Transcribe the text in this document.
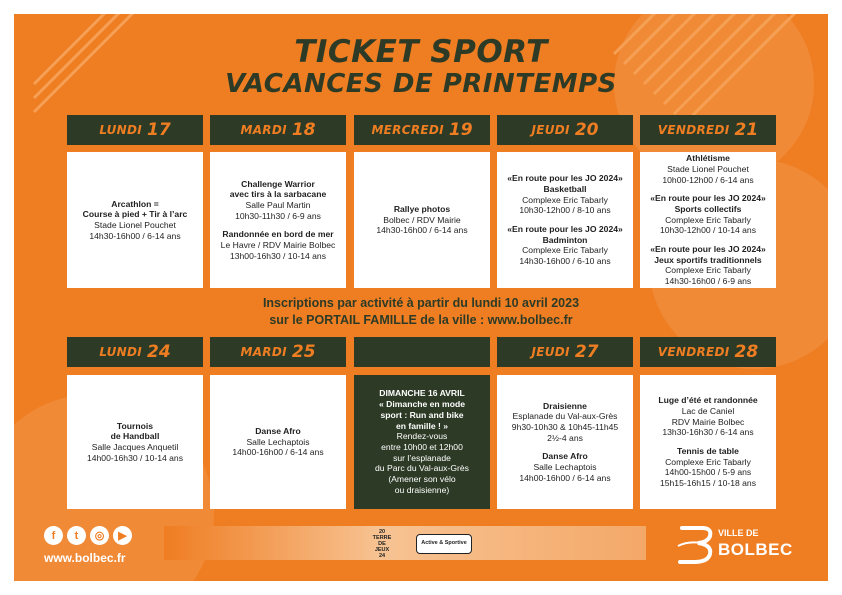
TICKET SPORT
VACANCES DE PRINTEMPS
LUNDI 17	MARDI 18	MERCREDI 19	JEUDI 20	VENDREDI 21
Arcathlon =
Course à pied + Tir à l’arc
Stade Lionel Pouchet
14h30-16h00 / 6-14 ans
Challenge Warrior
avec tirs à la sarbacane
Salle Paul Martin
10h30-11h30 / 6-9 ans
Randonnée en bord de mer
Le Havre / RDV Mairie Bolbec
13h00-16h30 / 10-14 ans
Rallye photos
Bolbec / RDV Mairie
14h30-16h00 / 6-14 ans
«En route pour les JO 2024»
Basketball
Complexe Eric Tabarly
10h30-12h00 / 8-10 ans
«En route pour les JO 2024»
Badminton
Complexe Eric Tabarly
14h30-16h00 / 6-10 ans
Athlétisme
Stade Lionel Pouchet
10h00-12h00 / 6-14 ans
«En route pour les JO 2024»
Sports collectifs
Complexe Eric Tabarly
10h30-12h00 / 10-14 ans
«En route pour les JO 2024»
Jeux sportifs traditionnels
Complexe Eric Tabarly
14h30-16h00 / 6-9 ans
Inscriptions par activité à partir du lundi 10 avril 2023
sur le PORTAIL FAMILLE de la ville : www.bolbec.fr
LUNDI 24	MARDI 25	JEUDI 27	VENDREDI 28
Tournois
de Handball
Salle Jacques Anquetil
14h00-16h30 / 10-14 ans
Danse Afro
Salle Lechaptois
14h00-16h00 / 6-14 ans
DIMANCHE 16 AVRIL
« Dimanche en mode
sport : Run and bike
en famille ! »
Rendez-vous
entre 10h00 et 12h00
sur l’esplanade
du Parc du Val-aux-Grès
(Amener son vélo
ou draisienne)
Draisienne
Esplanade du Val-aux-Grès
9h30-10h30 & 10h45-11h45
2½-4 ans
Danse Afro
Salle Lechaptois
14h00-16h00 / 6-14 ans
Luge d’été et randonnée
Lac de Caniel
RDV Mairie Bolbec
13h30-16h30 / 6-14 ans
Tennis de table
Complexe Eric Tabarly
14h00-15h00 / 5-9 ans
15h15-16h15 / 10-18 ans
f	t	◎	▶
www.bolbec.fr
20
TERRE
DE JEUX
24
Active & Sportive
VILLE DE
BOLBEC
